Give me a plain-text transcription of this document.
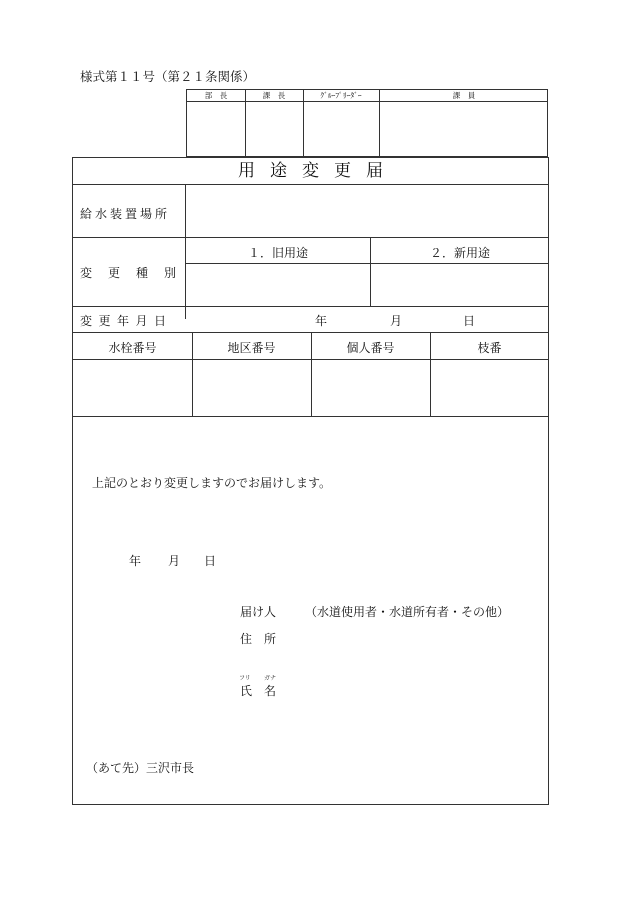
様式第１１号（第２１条関係）
部　長	課　長	ｸﾞﾙｰﾌﾟﾘｰﾀﾞｰ	課　員
用途変更届
給水装置場所
変　更　種　別
１．旧用途	２．新用途
変更年月日	年	月	日
水栓番号	地区番号	個人番号	枝番
上記のとおり変更しますのでお届けします。
年 月 日
届け人 （水道使用者・水道所有者・その他）
住　所
フリ ガナ
氏　名
（あて先）三沢市長
